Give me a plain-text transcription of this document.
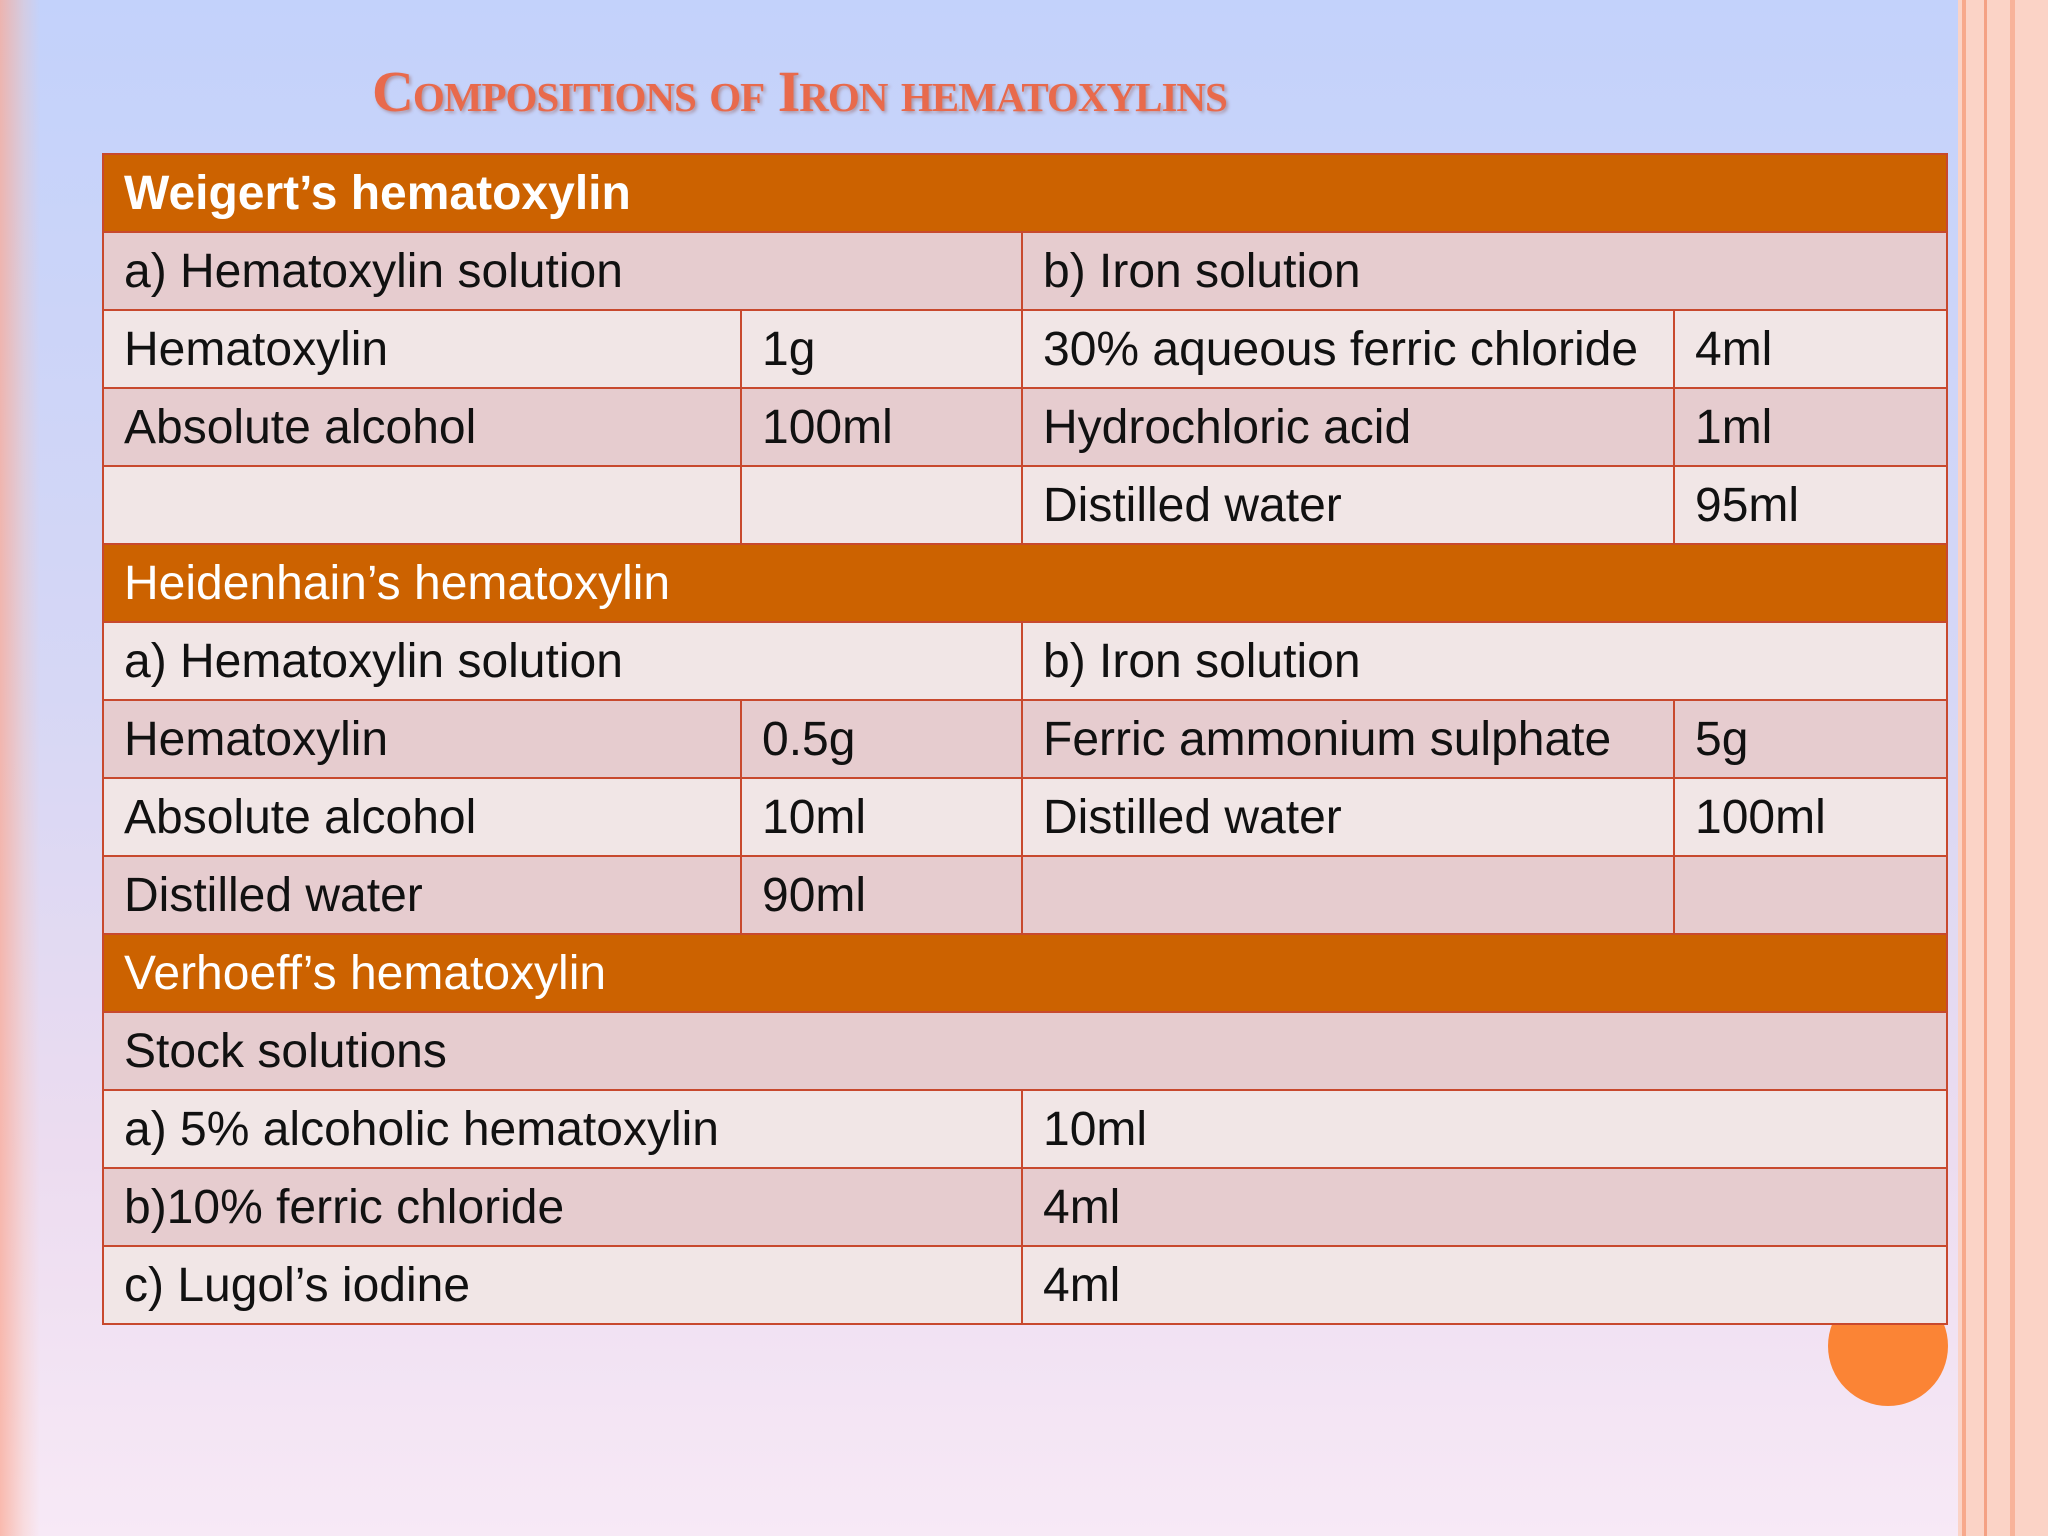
Compositions of Iron hematoxylins
Weigert’s hematoxylin			
a) Hematoxylin solution		b) Iron solution	
Hematoxylin	1g	30% aqueous ferric chloride	4ml
Absolute alcohol	100ml	Hydrochloric acid	1ml
		Distilled water	95ml
Heidenhain’s hematoxylin			
a) Hematoxylin solution		b) Iron solution	
Hematoxylin	0.5g	Ferric ammonium sulphate	5g
Absolute alcohol	10ml	Distilled water	100ml
Distilled water	90ml		
Verhoeff’s hematoxylin			
Stock solutions			
a) 5% alcoholic hematoxylin		10ml	
b)10% ferric chloride		4ml	
c) Lugol’s iodine		4ml	
